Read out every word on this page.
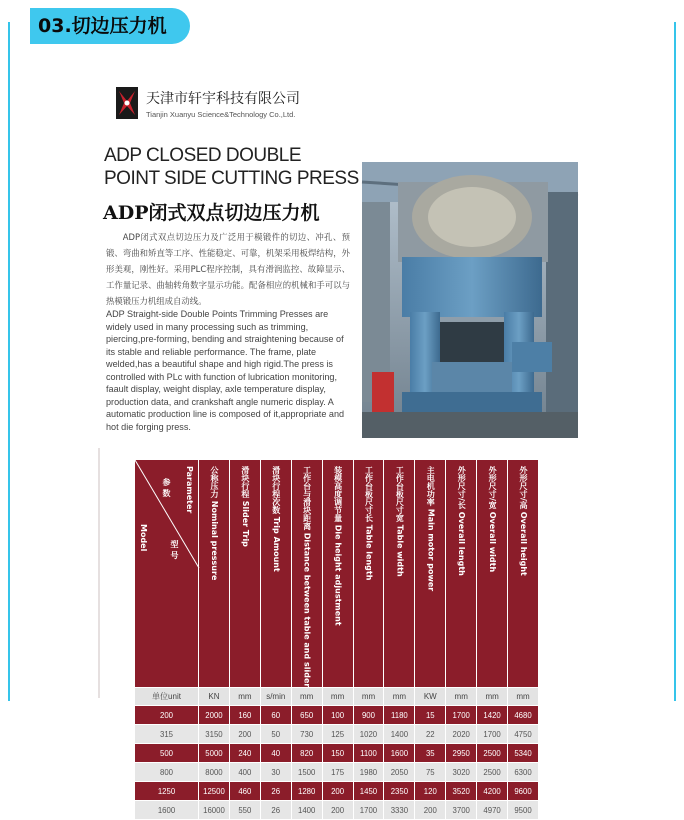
03.切边压力机
天津市轩宇科技有限公司
Tianjin Xuanyu Science&Technology Co.,Ltd.
ADP CLOSED DOUBLE
POINT SIDE CUTTING PRESS
ADP闭式双点切边压力机
ADP闭式双点切边压力及广泛用于模锻件的切边、冲孔、预锻、弯曲和矫直等工序、性能稳定、可靠，机架采用板焊结构，外形美观，刚性好。采用PLC程序控制，具有滑润监控、故障显示、工作量记录、曲轴转角数字显示功能。配备相应的机械和手可以与热模锻压力机组成自动线。
ADP Straight-side Double Points Trimming Presses are widely used in many processing such as trimming, piercing,pre-forming, bending and straightening because of its stable and reliable performance. The frame, plate welded,has a beautiful shape and high rigid.The press is controlled with PLc with function of lubrication monitoring, faault display, weight display, axle temperature display, production data, and crankshaft angle numeric display. A automatic production line is composed of it,appropriate and hot die forging press.
Parameter
参 数
Model 型 号	公称压力 Nominal pressure	滑块行程 Slider Trip	滑块行程次数 Trip Amount	工作台与滑块距离 Distance between table and slider	装模高度调节量 Die height adjustment	工作台板尺寸长 Table length	工作台板尺寸宽 Table width	主电机功率 Main motor power	外形尺寸/长 Overall length	外形尺寸/宽 Overall width	外形尺寸/高 Overall height

单位unit	KN	mm	s/min	mm	mm	mm	mm	KW	mm	mm	mm
200	2000	160	60	650	100	900	1180	15	1700	1420	4680
315	3150	200	50	730	125	1020	1400	22	2020	1700	4750
500	5000	240	40	820	150	1100	1600	35	2950	2500	5340
800	8000	400	30	1500	175	1980	2050	75	3020	2500	6300
1250	12500	460	26	1280	200	1450	2350	120	3520	4200	9600
1600	16000	550	26	1400	200	1700	3330	200	3700	4970	9500
